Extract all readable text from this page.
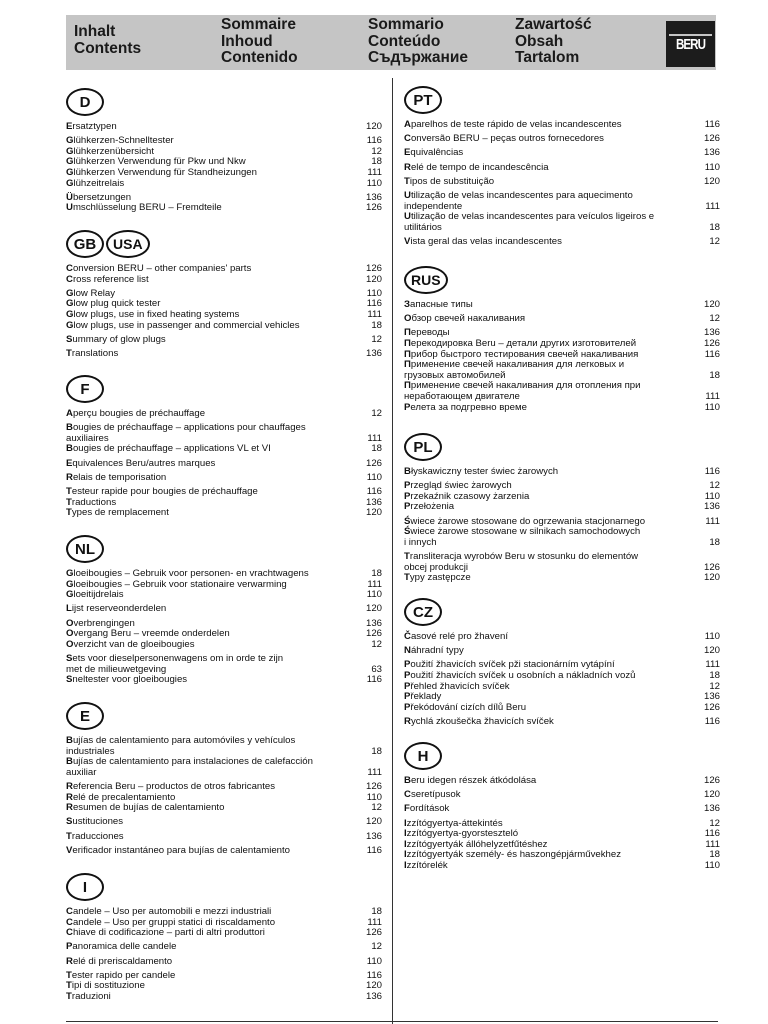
Inhalt
Contents
Sommaire
Inhoud
Contenido
Sommario
Conteúdo
Съдържание
Zawartość
Obsah
Tartalom
BERU
D
Ersatztypen	120
Glühkerzen-Schnelltester	116
Glühkerzenübersicht	12
Glühkerzen Verwendung für Pkw und Nkw	18
Glühkerzen Verwendung für Standheizungen	111
Glühzeitrelais	110
Übersetzungen	136
Umschlüsselung BERU – Fremdteile	126
GB	USA
Conversion BERU – other companies' parts	126
Cross reference list	120
Glow Relay	110
Glow plug quick tester	116
Glow plugs, use in fixed heating systems	111
Glow plugs, use in passenger and commercial vehicles	18
Summary of glow plugs	12
Translations	136
F
Aperçu bougies de préchauffage	12
Bougies de préchauffage – applications pour chauffages
auxiliaires	111
Bougies de préchauffage – applications VL et VI	18
Equivalences Beru/autres marques	126
Relais de temporisation	110
Testeur rapide pour bougies de préchauffage	116
Traductions	136
Types de remplacement	120
NL
Gloeibougies – Gebruik voor personen- en vrachtwagens	18
Gloeibougies – Gebruik voor stationaire verwarming	111
Gloeitijdrelais	110
Lijst reserveonderdelen	120
Overbrengingen	136
Overgang Beru – vreemde onderdelen	126
Overzicht van de gloeibougies	12
Sets voor dieselpersonenwagens om in orde te zijn
met de milieuwetgeving	63
Sneltester voor gloeibougies	116
E
Bujías de calentamiento para automóviles y vehículos
industriales	18
Bujías de calentamiento para instalaciones de calefacción
auxiliar	111
Referencia Beru – productos de otros fabricantes	126
Relé de precalentamiento	110
Resumen de bujías de calentamiento	12
Sustituciones	120
Traducciones	136
Verificador instantáneo para bujías de calentamiento	116
I
Candele – Uso per automobili e mezzi industriali	18
Candele – Uso per gruppi statici di riscaldamento	111
Chiave di codificazione – parti di altri produttori	126
Panoramica delle candele	12
Relé di preriscaldamento	110
Tester rapido per candele	116
Tipi di sostituzione	120
Traduzioni	136
PT
Aparelhos de teste rápido de velas incandescentes	116
Conversão BERU – peças outros fornecedores	126
Equivalências	136
Relé de tempo de incandescência	110
Tipos de substituição	120
Utilização de velas incandescentes para aquecimento
independente	111
Utilização de velas incandescentes para veículos ligeiros e
utilitários	18
Vista geral das velas incandescentes	12
RUS
Запасные типы	120
Обзор свечей накаливания	12
Переводы	136
Перекодировка Beru – детали других изготовителей	126
Прибор быстрого тестирования свечей накаливания	116
Применение свечей накаливания для легковых и
грузовых автомобилей	18
Применение свечей накаливания для отопления при
неработающем двигателе	111
Релета за подгревно време	110
PL
Błyskawiczny tester świec żarowych	116
Przegląd świec żarowych	12
Przekaźnik czasowy żarzenia	110
Przełożenia	136
Świece żarowe stosowane do ogrzewania stacjonarnego	111
Świece żarowe stosowane w silnikach samochodowych
i innych	18
Transliteracja wyrobów Beru w stosunku do elementów
obcej produkcji	126
Typy zastępcze	120
CZ
Časové relé pro žhavení	110
Náhradní typy	120
Použití žhavicích svíček pži stacionárním vytápíní	111
Použití žhavicích svíček u osobních a nákladních vozů	18
Přehled žhavicích svíček	12
Překlady	136
Překódování cizích dílů Beru	126
Rychlá zkoušečka žhavicích svíček	116
H
Beru idegen részek átkódolása	126
Cseretípusok	120
Fordítások	136
Izzítógyertya-áttekintés	12
Izzítógyertya-gyorsteszteló	116
Izzítógyertyák állóhelyzetfűtéshez	111
Izzítógyertyák személy- és haszongépjárművekhez	18
Izzítórelék	110
